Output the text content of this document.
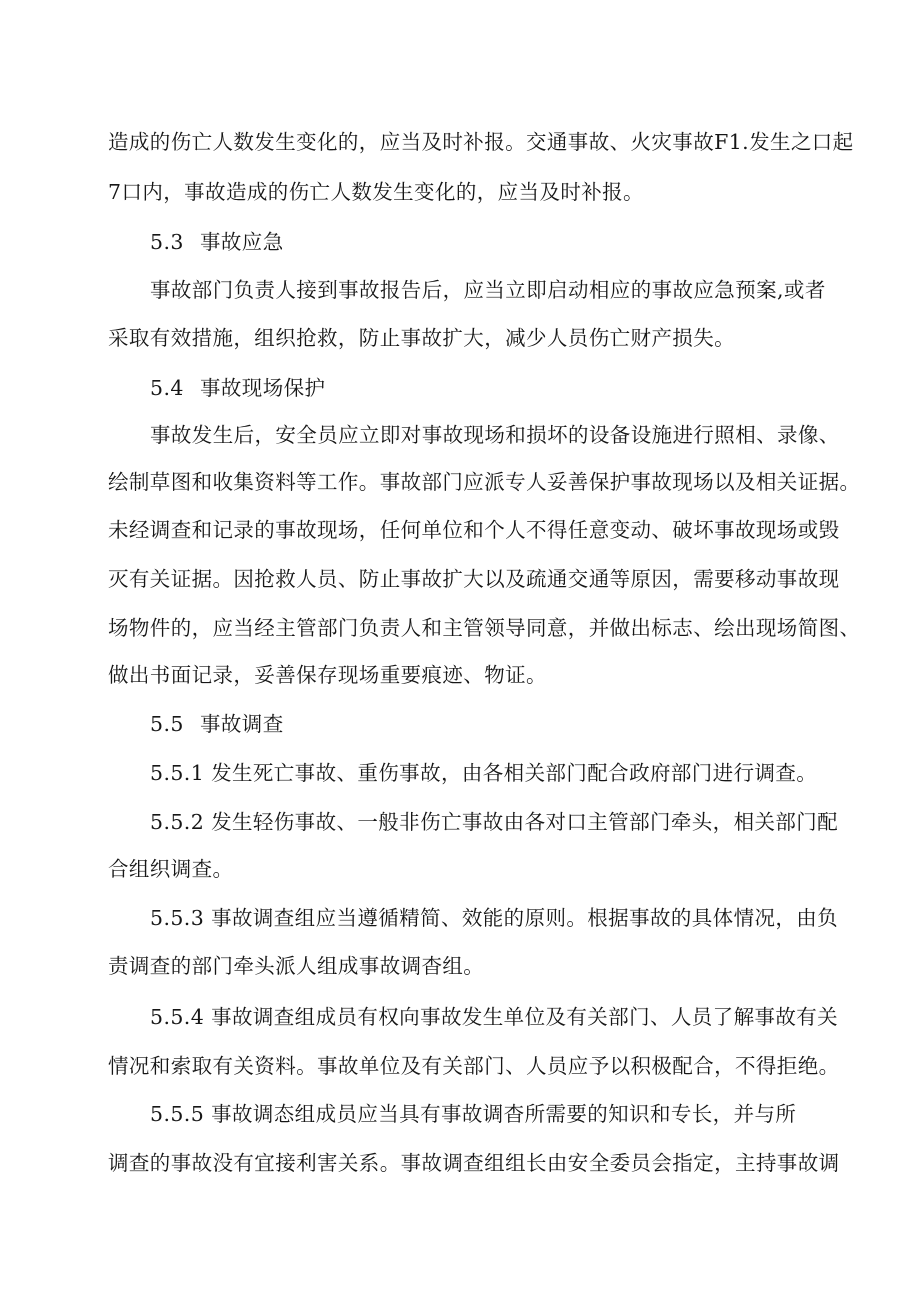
造成的伤亡人数发生变化的，应当及时补报。交通事故、火灾事故F1.发生之口起
7口内，事故造成的伤亡人数发生变化的，应当及时补报。
5.3 事故应急
事故部门负责人接到事故报告后，应当立即启动相应的事故应急预案,或者
采取有效措施，组织抢救，防止事故扩大，减少人员伤亡财产损失。
5.4 事故现场保护
事故发生后，安全员应立即对事故现场和损坏的设备设施进行照相、录像、
绘制草图和收集资料等工作。事故部门应派专人妥善保护事故现场以及相关证据。
未经调查和记录的事故现场，任何单位和个人不得任意变动、破坏事故现场或毁
灭有关证据。因抢救人员、防止事故扩大以及疏通交通等原因，需要移动事故现
场物件的，应当经主管部门负责人和主管领导同意，并做出标志、绘出现场简图、
做出书面记录，妥善保存现场重要痕迹、物证。
5.5 事故调查
5.5.1 发生死亡事故、重伤事故，由各相关部门配合政府部门进行调查。
5.5.2 发生轻伤事故、一般非伤亡事故由各对口主管部门牵头，相关部门配
合组织调查。
5.5.3 事故调查组应当遵循精简、效能的原则。根据事故的具体情况，由负
责调查的部门牵头派人组成事故调杳组。
5.5.4 事故调查组成员有权向事故发生单位及有关部门、人员了解事故有关
情况和索取有关资料。事故单位及有关部门、人员应予以积极配合，不得拒绝。
5.5.5 事故调态组成员应当具有事故调杳所需要的知识和专长，并与所
调查的事故没有宜接利害关系。事故调查组组长由安全委员会指定，主持事故调
